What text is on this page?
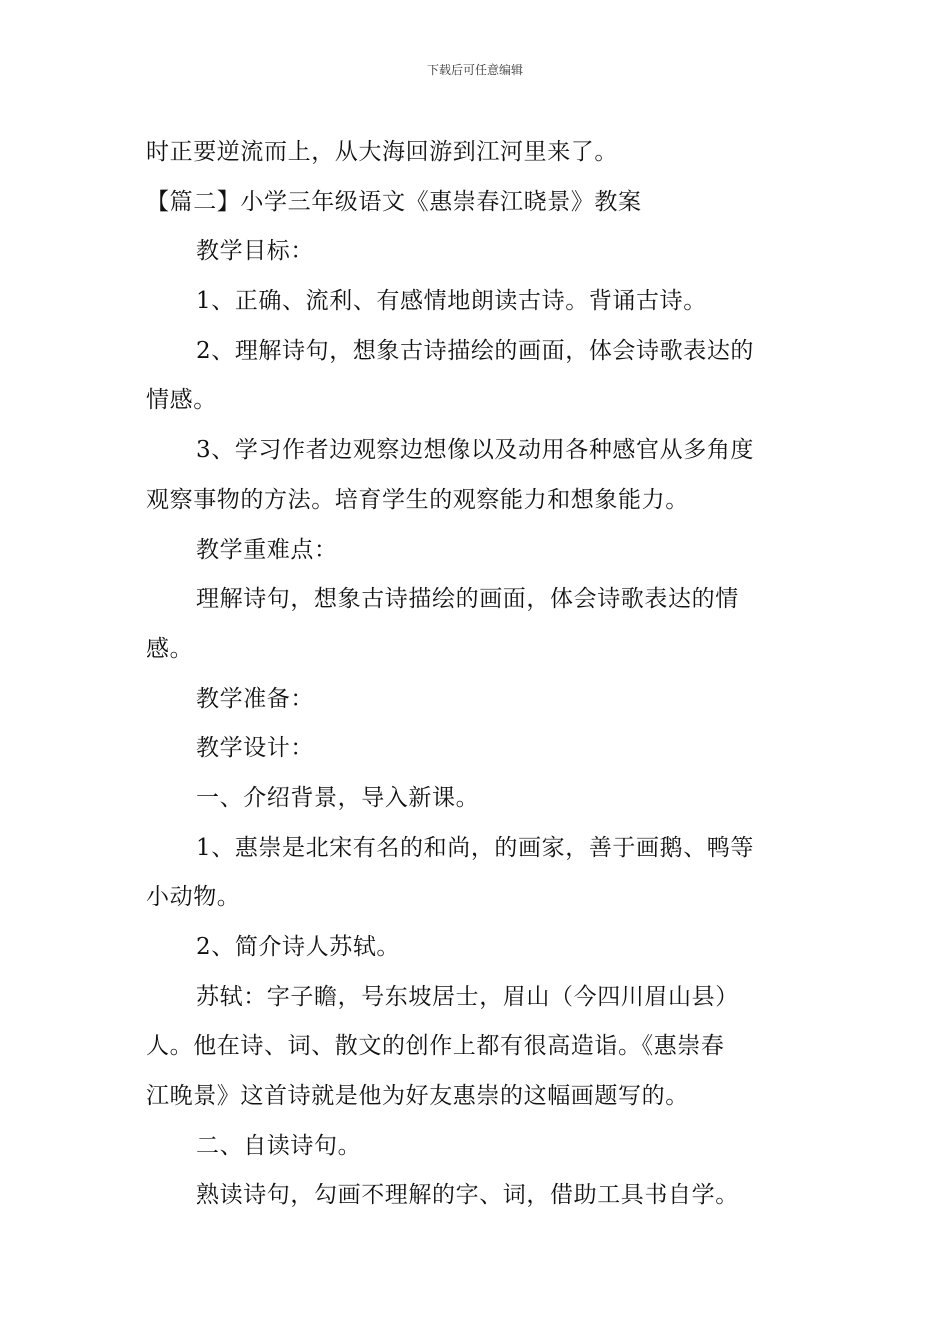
下载后可任意编辑
时正要逆流而上，从大海回游到江河里来了。
【篇二】小学三年级语文《惠崇春江晓景》教案
教学目标：
1、正确、流利、有感情地朗读古诗。背诵古诗。
2、理解诗句，想象古诗描绘的画面，体会诗歌表达的
情感。
3、学习作者边观察边想像以及动用各种感官从多角度
观察事物的方法。培育学生的观察能力和想象能力。
教学重难点：
理解诗句，想象古诗描绘的画面，体会诗歌表达的情
感。
教学准备：
教学设计：
一、介绍背景，导入新课。
1、惠崇是北宋有名的和尚，的画家，善于画鹅、鸭等
小动物。
2、简介诗人苏轼。
苏轼：字子瞻，号东坡居士，眉山（今四川眉山县）
人。他在诗、词、散文的创作上都有很高造诣。《惠崇春
江晚景》这首诗就是他为好友惠崇的这幅画题写的。
二、自读诗句。
熟读诗句，勾画不理解的字、词，借助工具书自学。
